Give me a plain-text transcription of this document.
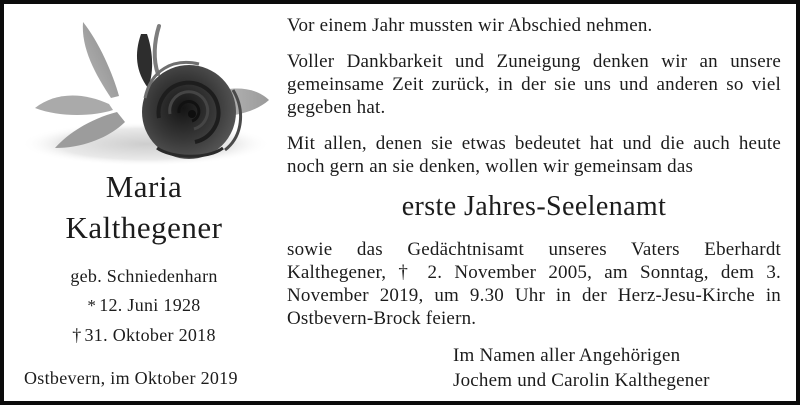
Maria
Kalthegener
geb. Schniedenharn
* 12. Juni 1928
† 31. Oktober 2018
Ostbevern, im Oktober 2019

Vor einem Jahr mussten wir Abschied nehmen.

Voller Dankbarkeit und Zuneigung denken wir an unsere gemeinsame Zeit zurück, in der sie uns und anderen so viel gegeben hat.

Mit allen, denen sie etwas bedeutet hat und die auch heute noch gern an sie denken, wollen wir gemeinsam das

erste Jahres-Seelenamt

sowie das Gedächtnisamt unseres Vaters Eberhardt Kalthegener, † 2. November 2005, am Sonntag, dem 3. November 2019, um 9.30 Uhr in der Herz-Jesu-Kirche in Ostbevern-Brock feiern.

Im Namen aller Angehörigen
Jochem und Carolin Kalthegener
